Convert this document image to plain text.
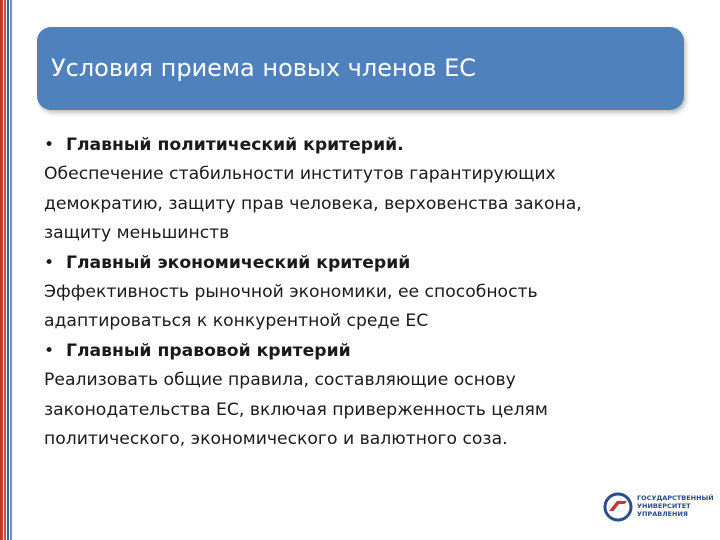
Условия приема новых членов ЕС

• Главный политический критерий.

Обеспечение стабильности институтов гарантирующих

демократию, защиту прав человека, верховенства закона,

защиту меньшинств

• Главный экономический критерий

Эффективность рыночной экономики, ее способность

адаптироваться к конкурентной среде ЕС

• Главный правовой критерий

Реализовать общие правила, составляющие основу

законодательства ЕС, включая приверженность целям

политического, экономического и валютного соза.

ГОСУДАРСТВЕННЫЙ
УНИВЕРСИТЕТ
УПРАВЛЕНИЯ
